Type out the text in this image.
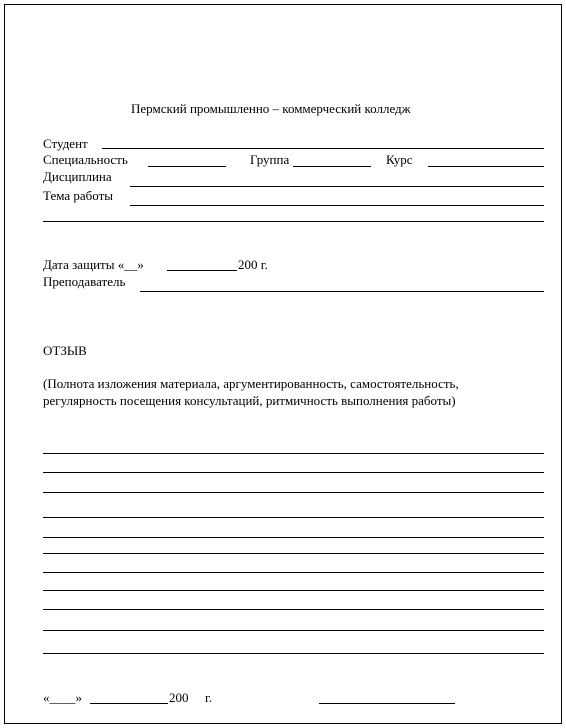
Пермский промышленно – коммерческий колледж
Студент
Специальность	Группа	Курс
Дисциплина
Тема работы
Дата защиты «__»	200 г.
Преподаватель
ОТЗЫВ
(Полнота изложения материала, аргументированность, самостоятельность,
регулярность посещения консультаций, ритмичность выполнения работы)
«____»	200 г.
